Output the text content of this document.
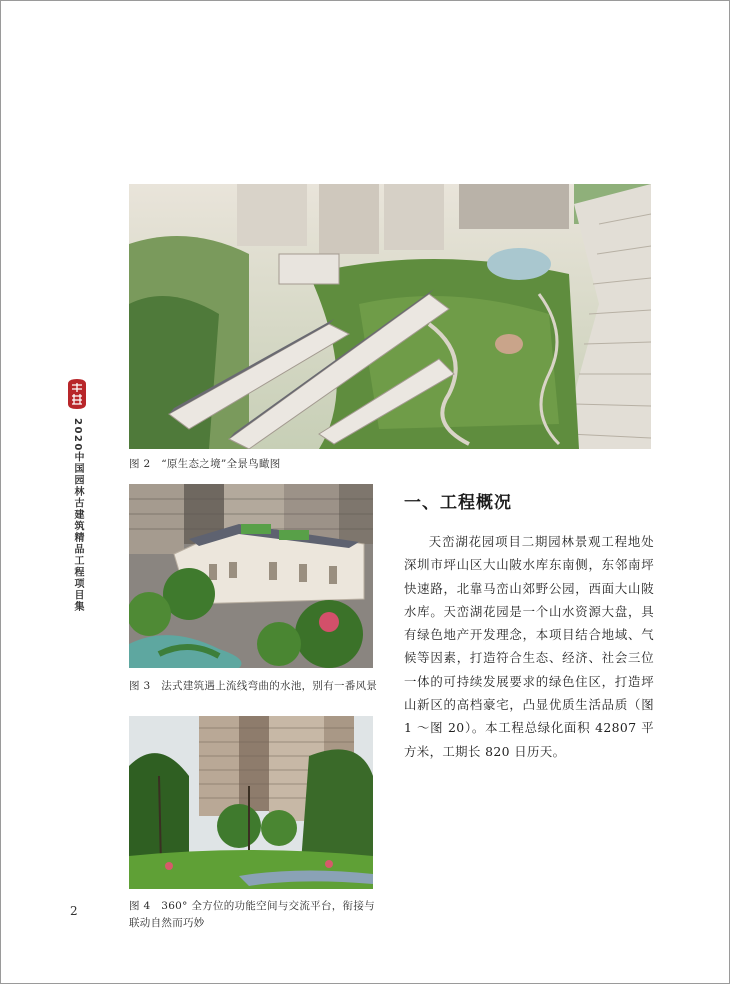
图 2　“原生态之境”全景鸟瞰图
图 3　法式建筑遇上流线弯曲的水池，别有一番风景
图 4　360° 全方位的功能空间与交流平台，衔接与联动自然而巧妙
2020中国园林古建筑精品工程项目集
2
一、工程概况
天峦湖花园项目二期园林景观工程地处深圳市坪山区大山陂水库东南侧，东邻南坪快速路，北靠马峦山郊野公园，西面大山陂水库。天峦湖花园是一个山水资源大盘，具有绿色地产开发理念，本项目结合地域、气候等因素，打造符合生态、经济、社会三位一体的可持续发展要求的绿色住区，打造坪山新区的高档豪宅，凸显优质生活品质（图 1 ～图 20）。本工程总绿化面积 42807 平方米，工期长 820 日历天。
